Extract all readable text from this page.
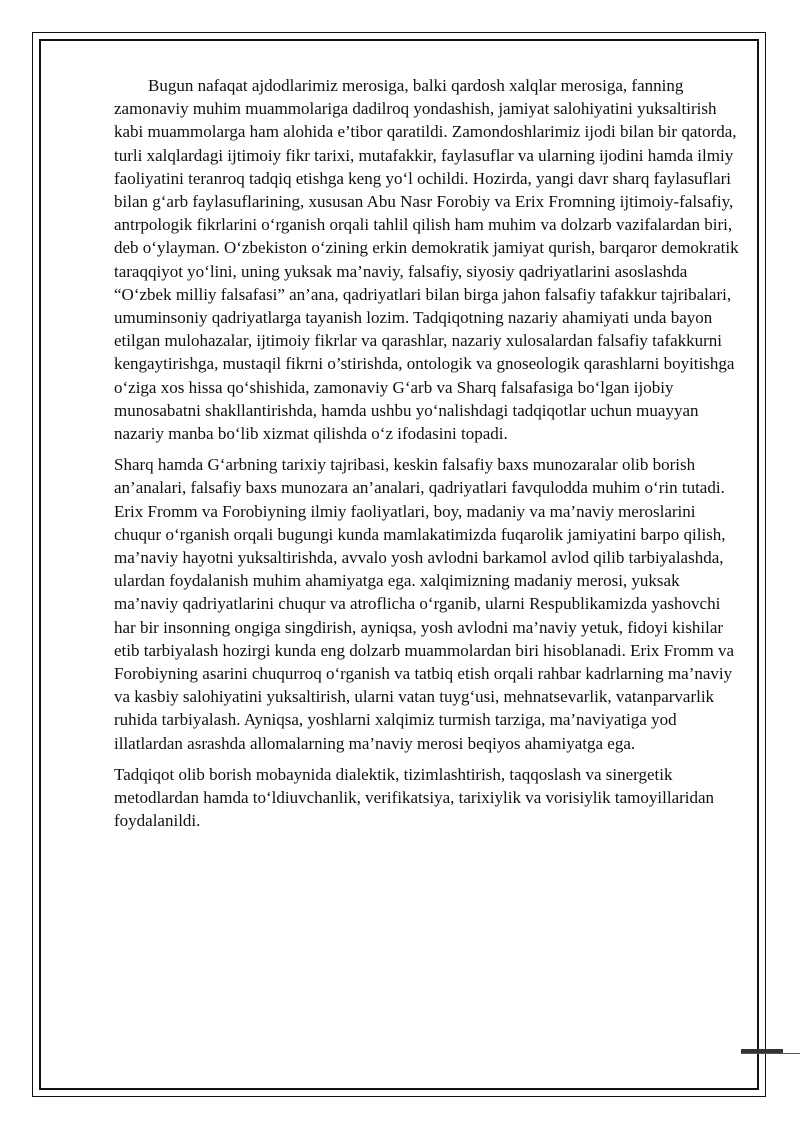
Bugun nafaqat ajdodlarimiz merosiga, balki qardosh xalqlar merosiga, fanning zamonaviy muhim muammolariga dadilroq yondashish, jamiyat salohiyatini yuksaltirish kabi muammolarga ham alohida e’tibor qaratildi. Zamondoshlarimiz ijodi bilan bir qatorda, turli xalqlardagi ijtimoiy fikr tarixi, mutafakkir, faylasuflar va ularning ijodini hamda ilmiy faoliyatini teranroq tadqiq etishga keng yo‘l ochildi. Hozirda, yangi davr sharq faylasuflari bilan g‘arb faylasuflarining, xususan Abu Nasr Forobiy va Erix Fromning ijtimoiy-falsafiy, antrpologik fikrlarini o‘rganish orqali tahlil qilish ham muhim va dolzarb vazifalardan biri, deb o‘ylayman. O‘zbekiston o‘zining erkin demokratik jamiyat qurish, barqaror demokratik taraqqiyot yo‘lini, uning yuksak ma’naviy, falsafiy, siyosiy qadriyatlarini asoslashda “O‘zbek milliy falsafasi” an’ana, qadriyatlari bilan birga jahon falsafiy tafakkur tajribalari, umuminsoniy qadriyatlarga tayanish lozim. Tadqiqotning nazariy ahamiyati unda bayon etilgan mulohazalar, ijtimoiy fikrlar va qarashlar, nazariy xulosalardan falsafiy tafakkurni kengaytirishga, mustaqil fikrni o’stirishda, ontologik va gnoseologik qarashlarni boyitishga o‘ziga xos hissa qo‘shishida, zamonaviy G‘arb va Sharq falsafasiga bo‘lgan ijobiy munosabatni shakllantirishda, hamda ushbu yo‘nalishdagi tadqiqotlar uchun muayyan nazariy manba bo‘lib xizmat qilishda o‘z ifodasini topadi.

Sharq hamda G‘arbning tarixiy tajribasi, keskin falsafiy baxs munozaralar olib borish an’analari, falsafiy baxs munozara an’analari, qadriyatlari favqulodda muhim o‘rin tutadi. Erix Fromm va Forobiyning ilmiy faoliyatlari, boy, madaniy va ma’naviy meroslarini chuqur o‘rganish orqali bugungi kunda mamlakatimizda fuqarolik jamiyatini barpo qilish, ma’naviy hayotni yuksaltirishda, avvalo yosh avlodni barkamol avlod qilib tarbiyalashda, ulardan foydalanish muhim ahamiyatga ega. xalqimizning madaniy merosi, yuksak ma’naviy qadriyatlarini chuqur va atroflicha o‘rganib, ularni Respublikamizda yashovchi har bir insonning ongiga singdirish, ayniqsa, yosh avlodni ma’naviy yetuk, fidoyi kishilar etib tarbiyalash hozirgi kunda eng dolzarb muammolardan biri hisoblanadi. Erix Fromm va Forobiyning asarini chuqurroq o‘rganish va tatbiq etish orqali rahbar kadrlarning ma’naviy va kasbiy salohiyatini yuksaltirish, ularni vatan tuyg‘usi, mehnatsevarlik, vatanparvarlik ruhida tarbiyalash. Ayniqsa, yoshlarni xalqimiz turmish tarziga, ma’naviyatiga yod illatlardan asrashda allomalarning ma’naviy merosi beqiyos ahamiyatga ega.

Tadqiqot olib borish mobaynida dialektik, tizimlashtirish, taqqoslash va sinergetik metodlardan hamda to‘ldiuvchanlik, verifikatsiya, tarixiylik va vorisiylik tamoyillaridan foydalanildi.
